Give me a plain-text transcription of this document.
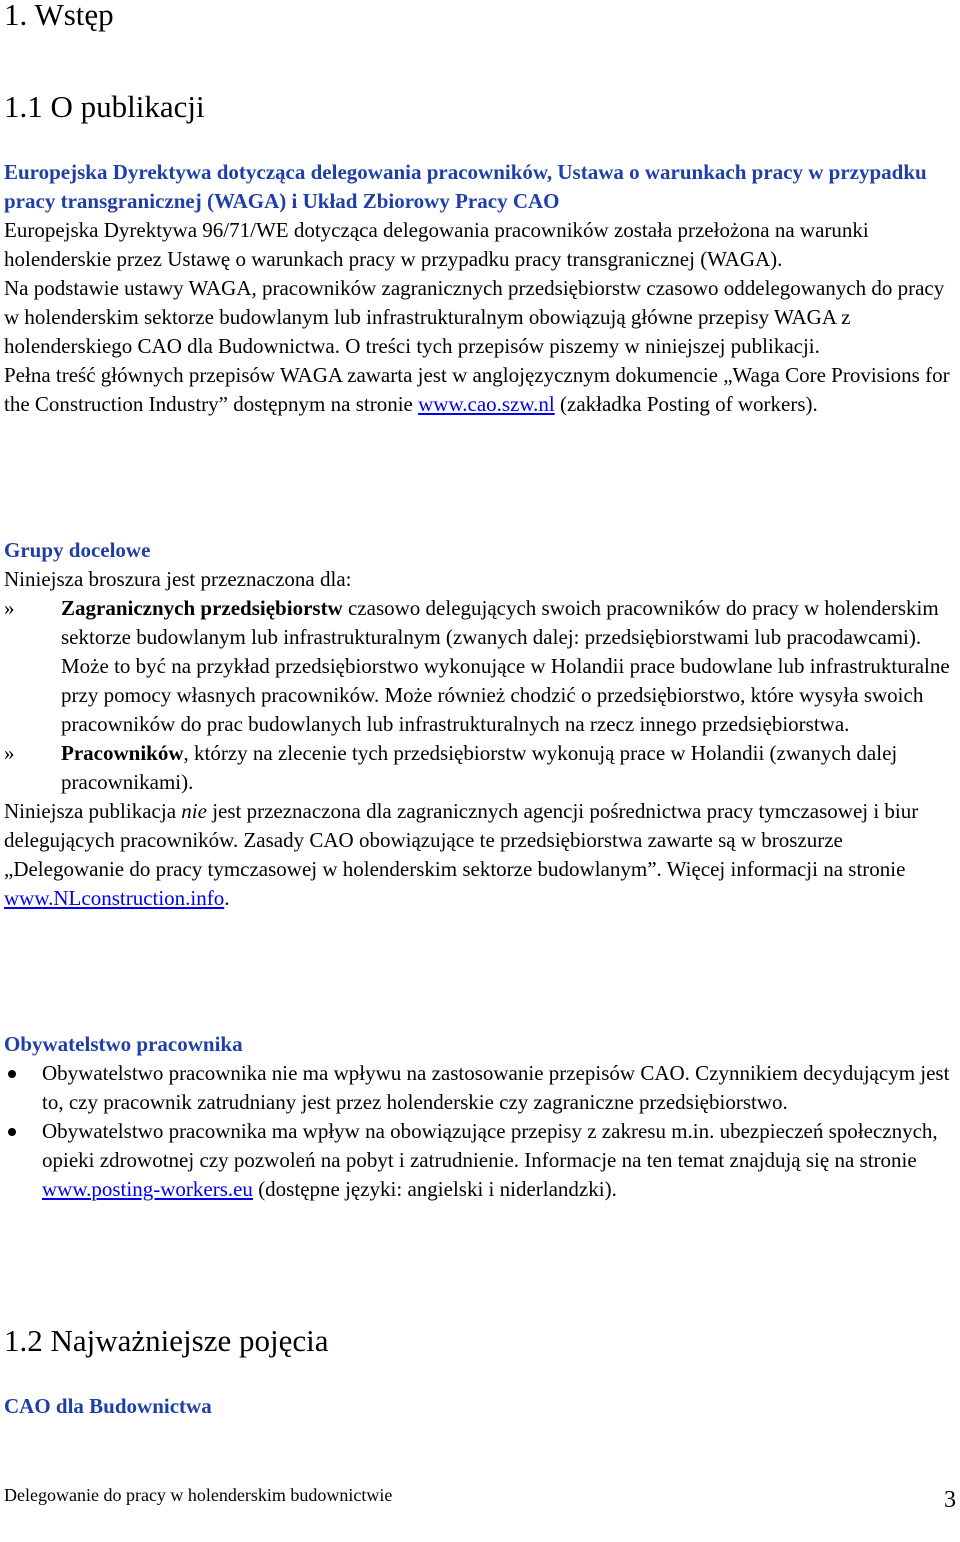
1. Wstęp
1.1 O publikacji

Europejska Dyrektywa dotycząca delegowania pracowników, Ustawa o warunkach pracy w przypadku pracy transgranicznej (WAGA) i Układ Zbiorowy Pracy CAO

Europejska Dyrektywa 96/71/WE dotycząca delegowania pracowników została przełożona na warunki holenderskie przez Ustawę o warunkach pracy w przypadku pracy transgranicznej (WAGA).

Na podstawie ustawy WAGA, pracowników zagranicznych przedsiębiorstw czasowo oddelegowanych do pracy w holenderskim sektorze budowlanym lub infrastrukturalnym obowiązują główne przepisy WAGA z holenderskiego CAO dla Budownictwa. O treści tych przepisów piszemy w niniejszej publikacji.

Pełna treść głównych przepisów WAGA zawarta jest w anglojęzycznym dokumencie „Waga Core Provisions for the Construction Industry” dostępnym na stronie www.cao.szw.nl (zakładka Posting of workers).

Grupy docelowe

Niniejsza broszura jest przeznaczona dla:

»	Zagranicznych przedsiębiorstw czasowo delegujących swoich pracowników do pracy w holenderskim sektorze budowlanym lub infrastrukturalnym (zwanych dalej: przedsiębiorstwami lub pracodawcami). Może to być na przykład przedsiębiorstwo wykonujące w Holandii prace budowlane lub infrastrukturalne przy pomocy własnych pracowników. Może również chodzić o przedsiębiorstwo, które wysyła swoich pracowników do prac budowlanych lub infrastrukturalnych na rzecz innego przedsiębiorstwa.
»	Pracowników, którzy na zlecenie tych przedsiębiorstw wykonują prace w Holandii (zwanych dalej pracownikami).

Niniejsza publikacja nie jest przeznaczona dla zagranicznych agencji pośrednictwa pracy tymczasowej i biur delegujących pracowników. Zasady CAO obowiązujące te przedsiębiorstwa zawarte są w broszurze „Delegowanie do pracy tymczasowej w holenderskim sektorze budowlanym”. Więcej informacji na stronie www.NLconstruction.info.

Obywatelstwo pracownika

Obywatelstwo pracownika nie ma wpływu na zastosowanie przepisów CAO. Czynnikiem decydującym jest to, czy pracownik zatrudniany jest przez holenderskie czy zagraniczne przedsiębiorstwo.
Obywatelstwo pracownika ma wpływ na obowiązujące przepisy z zakresu m.in. ubezpieczeń społecznych, opieki zdrowotnej czy pozwoleń na pobyt i zatrudnienie. Informacje na ten temat znajdują się na stronie www.posting-workers.eu (dostępne języki: angielski i niderlandzki).
1.2 Najważniejsze pojęcia

CAO dla Budownictwa

Delegowanie do pracy w holenderskim budownictwie	3
